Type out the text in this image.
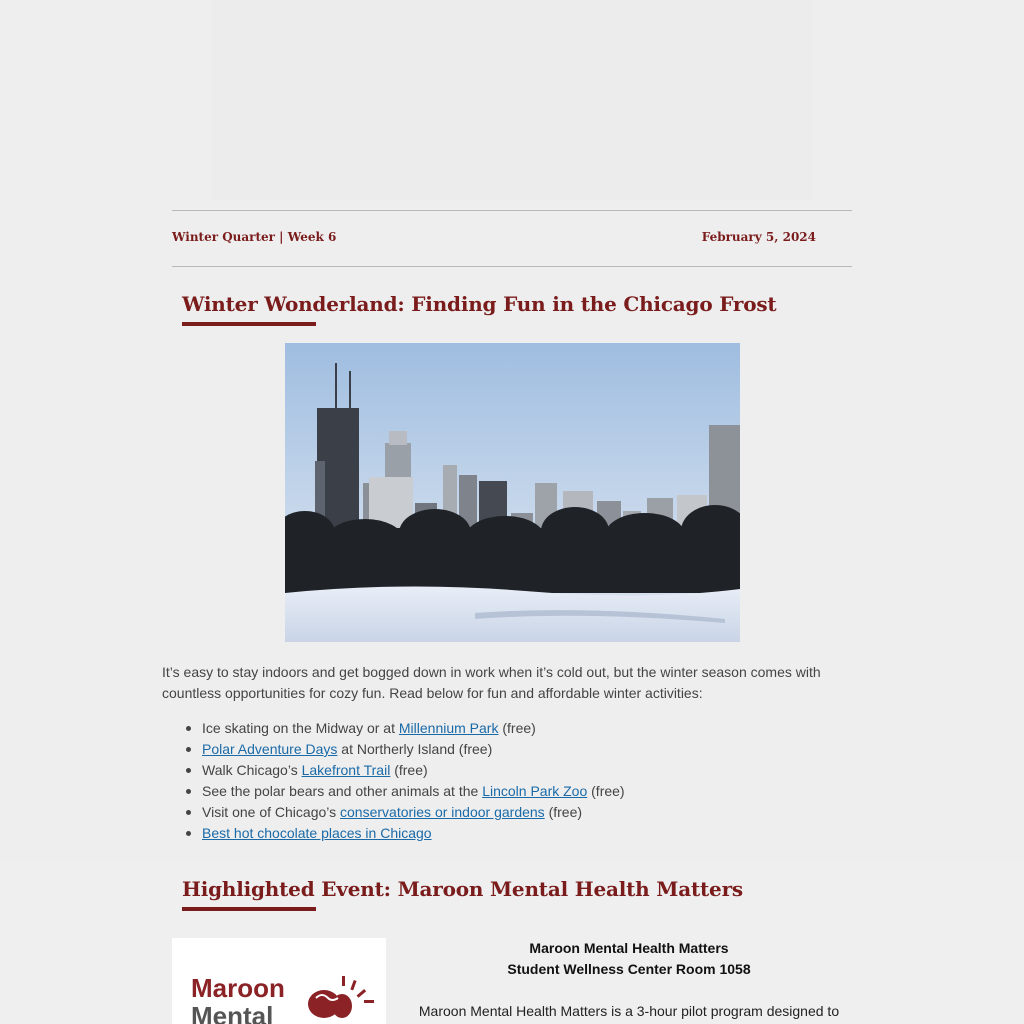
Winter Quarter | Week 6	February 5, 2024
Winter Wonderland: Finding Fun in the Chicago Frost

It’s easy to stay indoors and get bogged down in work when it’s cold out, but the winter season comes with countless opportunities for cozy fun. Read below for fun and affordable winter activities:

Ice skating on the Midway or at Millennium Park (free)
Polar Adventure Days at Northerly Island (free)
Walk Chicago’s Lakefront Trail (free)
See the polar bears and other animals at the Lincoln Park Zoo (free)
Visit one of Chicago’s conservatories or indoor gardens (free)
Best hot chocolate places in Chicago
Highlighted Event: Maroon Mental Health Matters
Maroon
Mental
Maroon Mental Health Matters
Student Wellness Center Room 1058
Maroon Mental Health Matters is a 3-hour pilot program designed to
